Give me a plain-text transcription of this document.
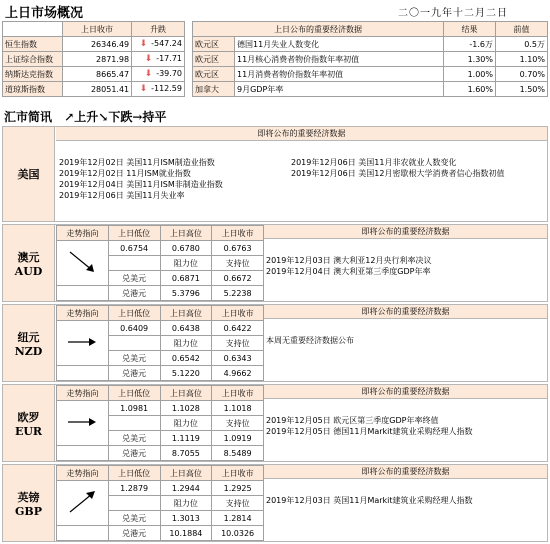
上日市场概况	二〇一九年十二月二日
	上日收市	升跌
恒生指数	26346.49	⬇ -547.24
上证综合指数	2871.98	⬇ -17.71
纳斯达克指数	8665.47	⬇ -39.70
道琼斯指数	28051.41	⬇ -112.59
上日公布的重要经济数据		结果	前值
欧元区	德国11月失业人数变化	-1.6万	0.5万
欧元区	11月核心消费者物价指数年率初值	1.30%	1.10%
欧元区	11月消费者物价指数年率初值	1.00%	0.70%
加拿大	9月GDP年率	1.60%	1.50%
汇市简讯 ↗上升↘下跌→持平
美国
即将公布的重要经济数据
2019年12月02日 美国11月ISM制造业指数
2019年12月02日 11月ISM就业指数
2019年12月04日 美国11月ISM非制造业指数
2019年12月06日 美国11月失业率
2019年12月06日 美国11月非农就业人数变化
2019年12月06日 美国12月密歇根大学消费者信心指数初值
澳元
AUD
走势指向	上日低位	上日高位	上日收市
	0.6754	0.6780	0.6763
		阻力位	支持位
	兑美元	0.6871	0.6672
	兑港元	5.3796	5.2238
即将公布的重要经济数据
2019年12月03日 澳大利亚12月央行利率决议
2019年12月04日 澳大利亚第三季度GDP年率
纽元
NZD
走势指向	上日低位	上日高位	上日收市
	0.6409	0.6438	0.6422
		阻力位	支持位
	兑美元	0.6542	0.6343
	兑港元	5.1220	4.9662
即将公布的重要经济数据
本周无重要经济数据公布
欧罗
EUR
走势指向	上日低位	上日高位	上日收市
	1.0981	1.1028	1.1018
		阻力位	支持位
	兑美元	1.1119	1.0919
	兑港元	8.7055	8.5489
即将公布的重要经济数据
2019年12月05日 欧元区第三季度GDP年率终值
2019年12月05日 德国11月Markit建筑业采购经理人指数
英镑
GBP
走势指向	上日低位	上日高位	上日收市
	1.2879	1.2944	1.2925
		阻力位	支持位
	兑美元	1.3013	1.2814
	兑港元	10.1884	10.0326
即将公布的重要经济数据
2019年12月03日 英国11月Markit建筑业采购经理人指数
